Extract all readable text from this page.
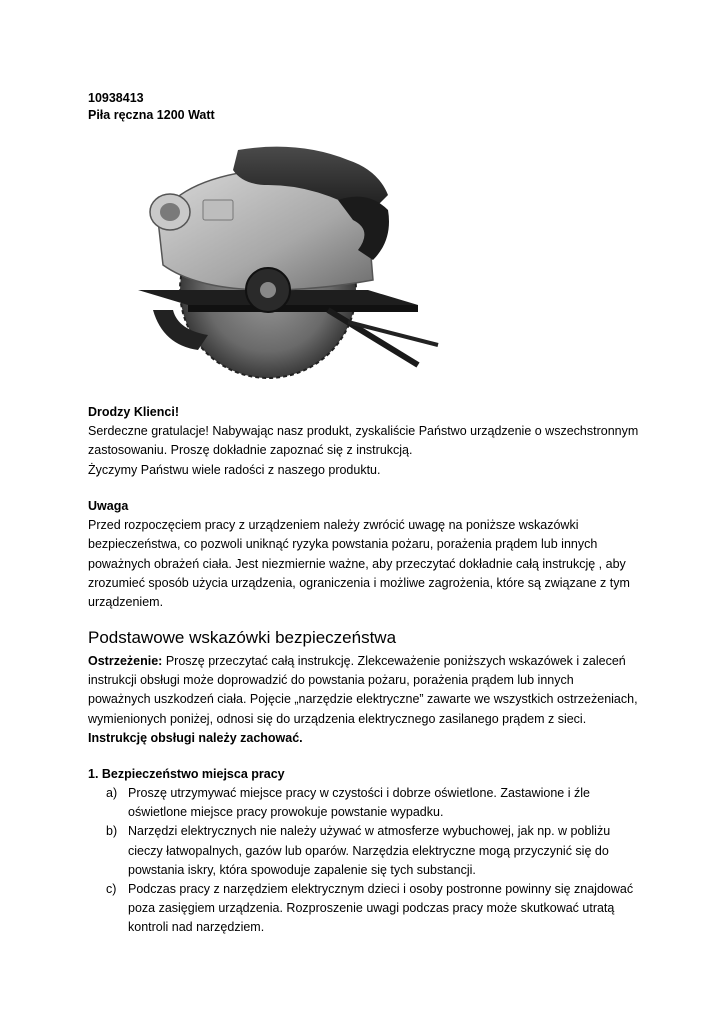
10938413
Piła ręczna 1200 Watt
Drodzy Klienci!
Serdeczne gratulacje! Nabywając nasz produkt, zyskaliście Państwo urządzenie o wszechstronnym
zastosowaniu. Proszę dokładnie zapoznać się z instrukcją.
Życzymy Państwu wiele radości z naszego produktu.
Uwaga
Przed rozpoczęciem pracy z urządzeniem należy zwrócić uwagę na poniższe wskazówki
bezpieczeństwa, co pozwoli uniknąć ryzyka powstania pożaru, porażenia prądem lub innych
poważnych obrażeń ciała. Jest niezmiernie ważne, aby przeczytać dokładnie całą instrukcję , aby
zrozumieć sposób użycia urządzenia, ograniczenia i możliwe zagrożenia, które są związane z tym
urządzeniem.
Podstawowe wskazówki bezpieczeństwa
Ostrzeżenie: Proszę przeczytać całą instrukcję. Zlekceważenie poniższych wskazówek i zaleceń
instrukcji obsługi może doprowadzić do powstania pożaru, porażenia prądem lub innych
poważnych uszkodzeń ciała. Pojęcie „narzędzie elektryczne” zawarte we wszystkich ostrzeżeniach,
wymienionych poniżej, odnosi się do urządzenia elektrycznego zasilanego prądem z sieci.
Instrukcję obsługi należy zachować.
1. Bezpieczeństwo miejsca pracy
a) Proszę utrzymywać miejsce pracy w czystości i dobrze oświetlone. Zastawione i źle
oświetlone miejsce pracy prowokuje powstanie wypadku.
b) Narzędzi elektrycznych nie należy używać w atmosferze wybuchowej, jak np. w pobliżu
cieczy łatwopalnych, gazów lub oparów. Narzędzia elektryczne mogą przyczynić się do
powstania iskry, która spowoduje zapalenie się tych substancji.
c) Podczas pracy z narzędziem elektrycznym dzieci i osoby postronne powinny się znajdować
poza zasięgiem urządzenia. Rozproszenie uwagi podczas pracy może skutkować utratą
kontroli nad narzędziem.
